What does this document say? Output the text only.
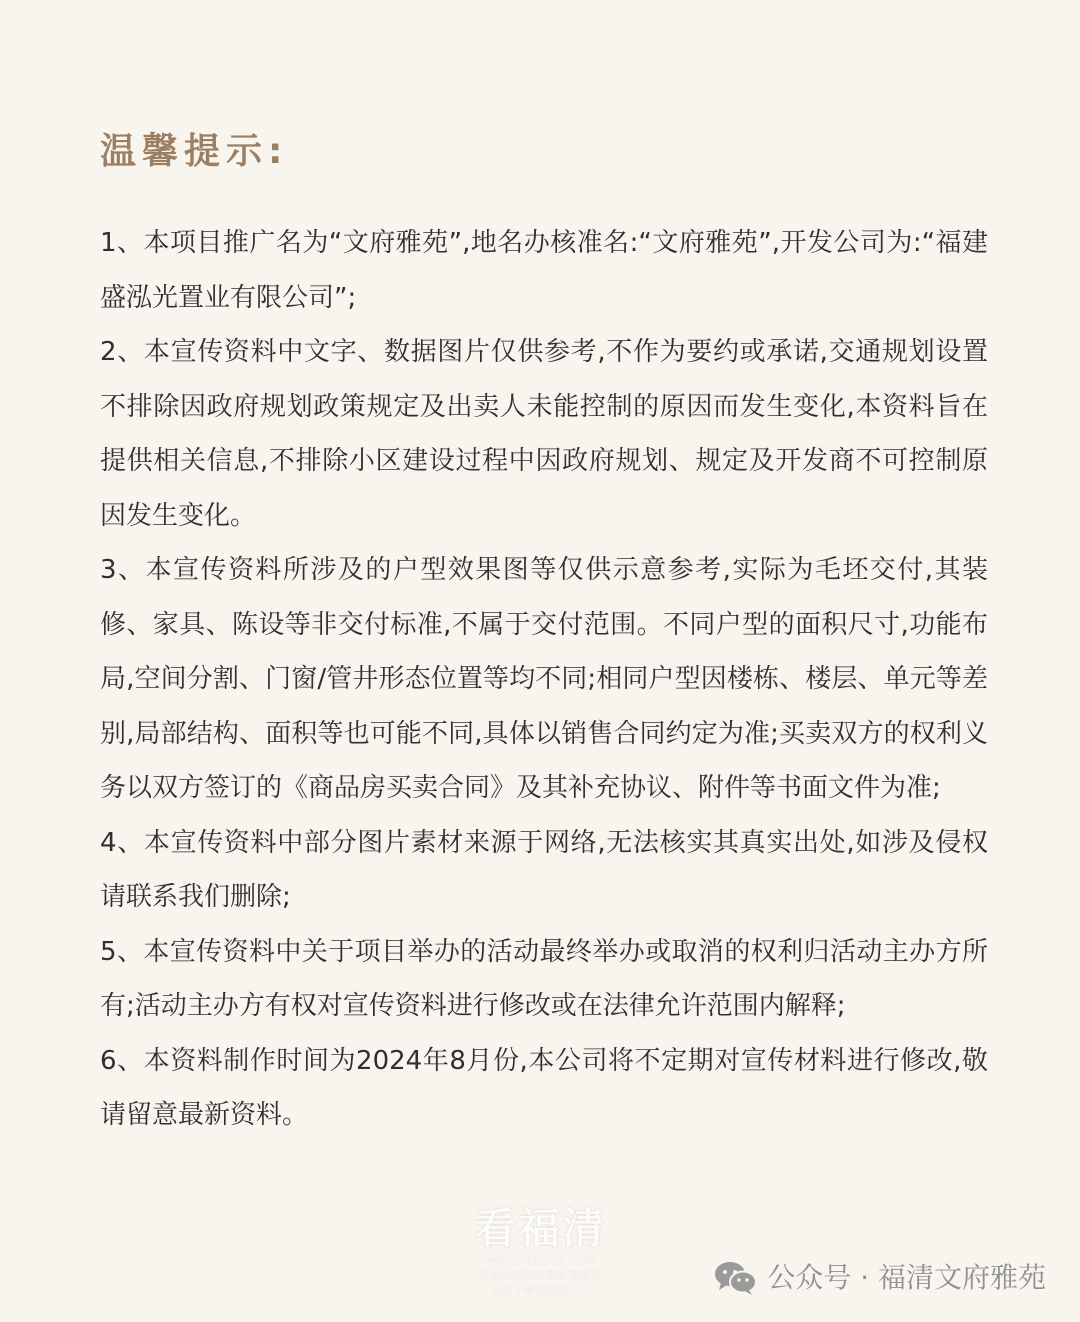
温馨提示:
1、本项目推广名为“文府雅苑”,地名办核准名:“文府雅苑”,开发公司为:“福建盛泓光置业有限公司”;
2、本宣传资料中文字、数据图片仅供参考,不作为要约或承诺,交通规划设置不排除因政府规划政策规定及出卖人未能控制的原因而发生变化,本资料旨在提供相关信息,不排除小区建设过程中因政府规划、规定及开发商不可控制原因发生变化。
3、本宣传资料所涉及的户型效果图等仅供示意参考,实际为毛坯交付,其装修、家具、陈设等非交付标准,不属于交付范围。不同户型的面积尺寸,功能布局,空间分割、门窗/管井形态位置等均不同;相同户型因楼栋、楼层、单元等差别,局部结构、面积等也可能不同,具体以销售合同约定为准;买卖双方的权利义务以双方签订的《商品房买卖合同》及其补充协议、附件等书面文件为准;
4、本宣传资料中部分图片素材来源于网络,无法核实其真实出处,如涉及侵权请联系我们删除;
5、本宣传资料中关于项目举办的活动最终举办或取消的权利归活动主办方所有;活动主办方有权对宣传资料进行修改或在法律允许范围内解释;
6、本资料制作时间为2024年8月份,本公司将不定期对宣传材料进行修改,敬请留意最新资料。
看福清
WWW.FQLOOK.COM
手机应用商店搜索看福清
均可下载看福清APP	公众号 · 福清文府雅苑
